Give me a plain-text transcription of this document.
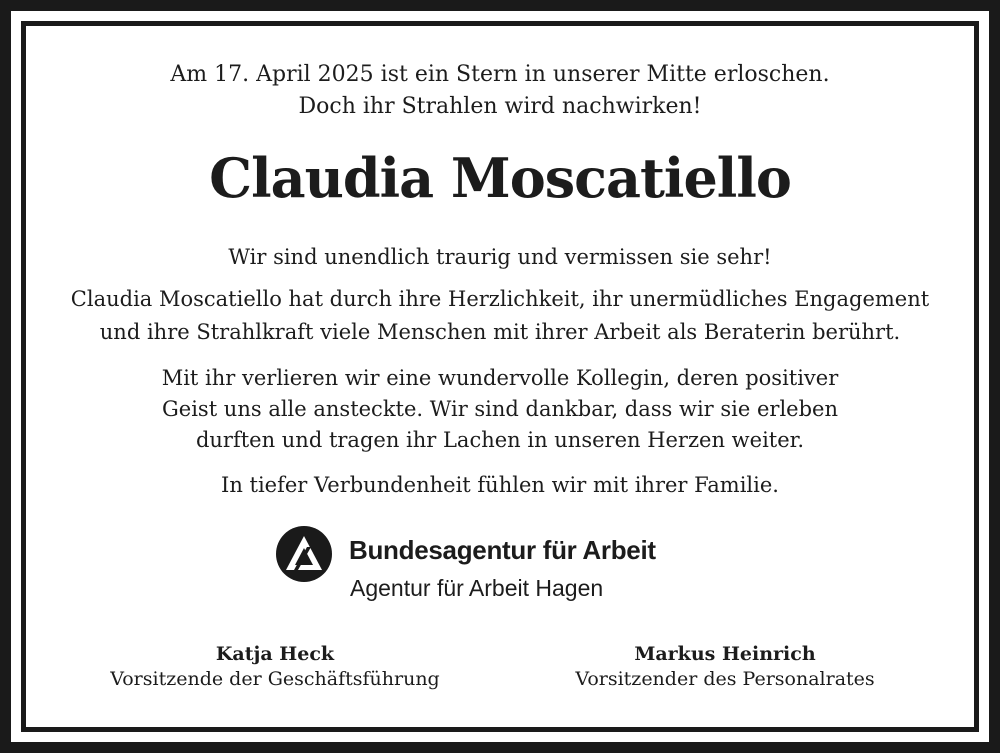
Am 17. April 2025 ist ein Stern in unserer Mitte erloschen.
Doch ihr Strahlen wird nachwirken!
Claudia Moscatiello
Wir sind unendlich traurig und vermissen sie sehr!
Claudia Moscatiello hat durch ihre Herzlichkeit, ihr unermüdliches Engagement
und ihre Strahlkraft viele Menschen mit ihrer Arbeit als Beraterin berührt.
Mit ihr verlieren wir eine wundervolle Kollegin, deren positiver
Geist uns alle ansteckte. Wir sind dankbar, dass wir sie erleben
durften und tragen ihr Lachen in unseren Herzen weiter.
In tiefer Verbundenheit fühlen wir mit ihrer Familie.
Bundesagentur für Arbeit
Agentur für Arbeit Hagen
Katja Heck
Vorsitzende der Geschäftsführung
Markus Heinrich
Vorsitzender des Personalrates
